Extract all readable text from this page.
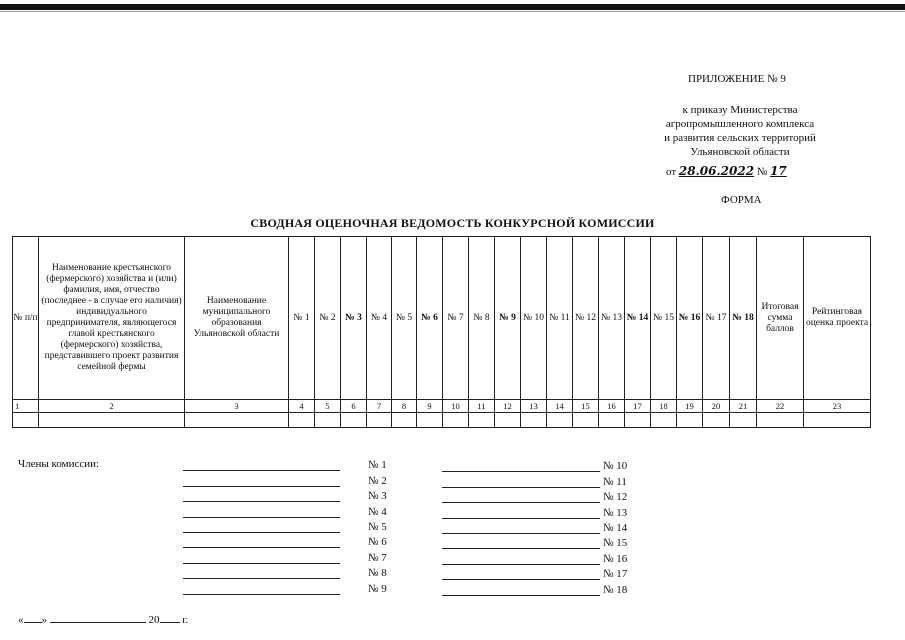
ПРИЛОЖЕНИЕ № 9
к приказу Министерства
агропромышленного комплекса
и развития сельских территорий
Ульяновской области
от 28.06.2022 № 17
ФОРМА
СВОДНАЯ ОЦЕНОЧНАЯ ВЕДОМОСТЬ КОНКУРСНОЙ КОМИССИИ
№ п/п	Наименование крестьянского (фермерского) хозяйства и (или) фамилия, имя, отчество (последнее - в случае его наличия) индивидуального предпринимателя, являющегося главой крестьянского (фермерского) хозяйства, представившего проект развития семейной фермы	Наименование муниципального образования Ульяновской области	№ 1	№ 2	№ 3	№ 4	№ 5	№ 6	№ 7	№ 8	№ 9	№ 10	№ 11	№ 12	№ 13	№ 14	№ 15	№ 16	№ 17	№ 18	Итоговая сумма баллов	Рейтинговая оценка проекта
1	2	3	4	5	6	7	8	9	10	11	12	13	14	15	16	17	18	19	20	21	22	23

Члены комиссии:	№ 1
№ 2
№ 3
№ 4
№ 5
№ 6
№ 7
№ 8
№ 9
№ 10
№ 11
№ 12
№ 13
№ 14
№ 15
№ 16
№ 17
№ 18
« »	20 г.
